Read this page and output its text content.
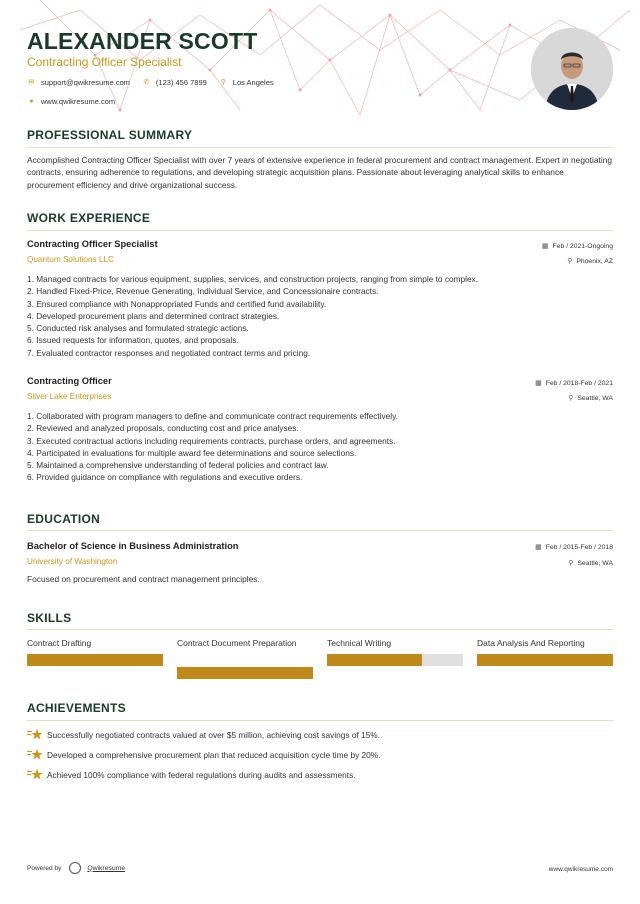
ALEXANDER SCOTT
Contracting Officer Specialist
✉ support@qwikresume.com ✆ (123) 456 7899 ⚲ Los Angeles
● www.qwikresume.com
PROFESSIONAL SUMMARY
Accomplished Contracting Officer Specialist with over 7 years of extensive experience in federal procurement and contract management. Expert in negotiating contracts, ensuring adherence to regulations, and developing strategic acquisition plans. Passionate about leveraging analytical skills to enhance procurement efficiency and drive organizational success.
WORK EXPERIENCE
Contracting Officer Specialist	▦ Feb / 2021-Ongoing
Quantum Solutions LLC	⚲ Phoenix, AZ
1. Managed contracts for various equipment, supplies, services, and construction projects, ranging from simple to complex.
2. Handled Fixed-Price, Revenue Generating, Individual Service, and Concessionaire contracts.
3. Ensured compliance with Nonappropriated Funds and certified fund availability.
4. Developed procurement plans and determined contract strategies.
5. Conducted risk analyses and formulated strategic actions.
6. Issued requests for information, quotes, and proposals.
7. Evaluated contractor responses and negotiated contract terms and pricing.
Contracting Officer	▦ Feb / 2018-Feb / 2021
Silver Lake Enterprises	⚲ Seattle, WA
1. Collaborated with program managers to define and communicate contract requirements effectively.
2. Reviewed and analyzed proposals, conducting cost and price analyses.
3. Executed contractual actions including requirements contracts, purchase orders, and agreements.
4. Participated in evaluations for multiple award fee determinations and source selections.
5. Maintained a comprehensive understanding of federal policies and contract law.
6. Provided guidance on compliance with regulations and executive orders.
EDUCATION
Bachelor of Science in Business Administration	▦ Feb / 2015-Feb / 2018
University of Washington	⚲ Seattle, WA
Focused on procurement and contract management principles.
SKILLS
Contract Drafting	Contract Document Preparation	Technical Writing	Data Analysis And Reporting
ACHIEVEMENTS
Successfully negotiated contracts valued at over $5 million, achieving cost savings of 15%.
Developed a comprehensive procurement plan that reduced acquisition cycle time by 20%.
Achieved 100% compliance with federal regulations during audits and assessments.
Powered by	Qwikresume	www.qwikresume.com
